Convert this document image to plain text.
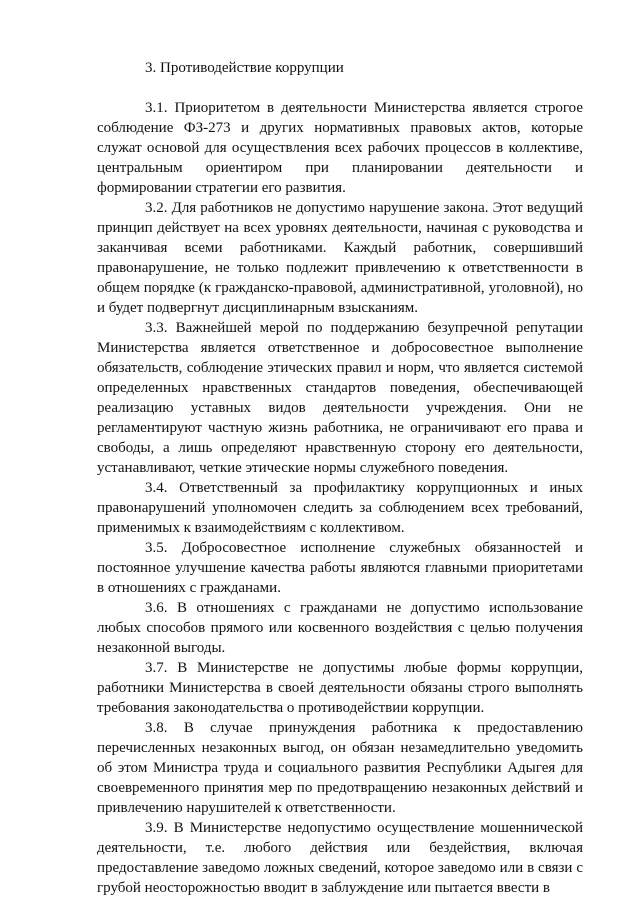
3. Противодействие коррупции

3.1. Приоритетом в деятельности Министерства является строгое соблюдение ФЗ-273 и других нормативных правовых актов, которые служат основой для осуществления всех рабочих процессов в коллективе, центральным ориентиром при планировании деятельности и формировании стратегии его развития.

3.2. Для работников не допустимо нарушение закона. Этот ведущий принцип действует на всех уровнях деятельности, начиная с руководства и заканчивая всеми работниками. Каждый работник, совершивший правонарушение, не только подлежит привлечению к ответственности в общем порядке (к гражданско-правовой, административной, уголовной), но и будет подвергнут дисциплинарным взысканиям.

3.3. Важнейшей мерой по поддержанию безупречной репутации Министерства является ответственное и добросовестное выполнение обязательств, соблюдение этических правил и норм, что является системой определенных нравственных стандартов поведения, обеспечивающей реализацию уставных видов деятельности учреждения. Они не регламентируют частную жизнь работника, не ограничивают его права и свободы, а лишь определяют нравственную сторону его деятельности, устанавливают, четкие этические нормы служебного поведения.

3.4. Ответственный за профилактику коррупционных и иных правонарушений уполномочен следить за соблюдением всех требований, применимых к взаимодействиям с коллективом.

3.5. Добросовестное исполнение служебных обязанностей и постоянное улучшение качества работы являются главными приоритетами в отношениях с гражданами.

3.6. В отношениях с гражданами не допустимо использование любых способов прямого или косвенного воздействия с целью получения незаконной выгоды.

3.7. В Министерстве не допустимы любые формы коррупции, работники Министерства в своей деятельности обязаны строго выполнять требования законодательства о противодействии коррупции.

3.8. В случае принуждения работника к предоставлению перечисленных незаконных выгод, он обязан незамедлительно уведомить об этом Министра труда и социального развития Республики Адыгея для своевременного принятия мер по предотвращению незаконных действий и привлечению нарушителей к ответственности.

3.9. В Министерстве недопустимо осуществление мошеннической деятельности, т.е. любого действия или бездействия, включая предоставление заведомо ложных сведений, которое заведомо или в связи с грубой неосторожностью вводит в заблуждение или пытается ввести в
